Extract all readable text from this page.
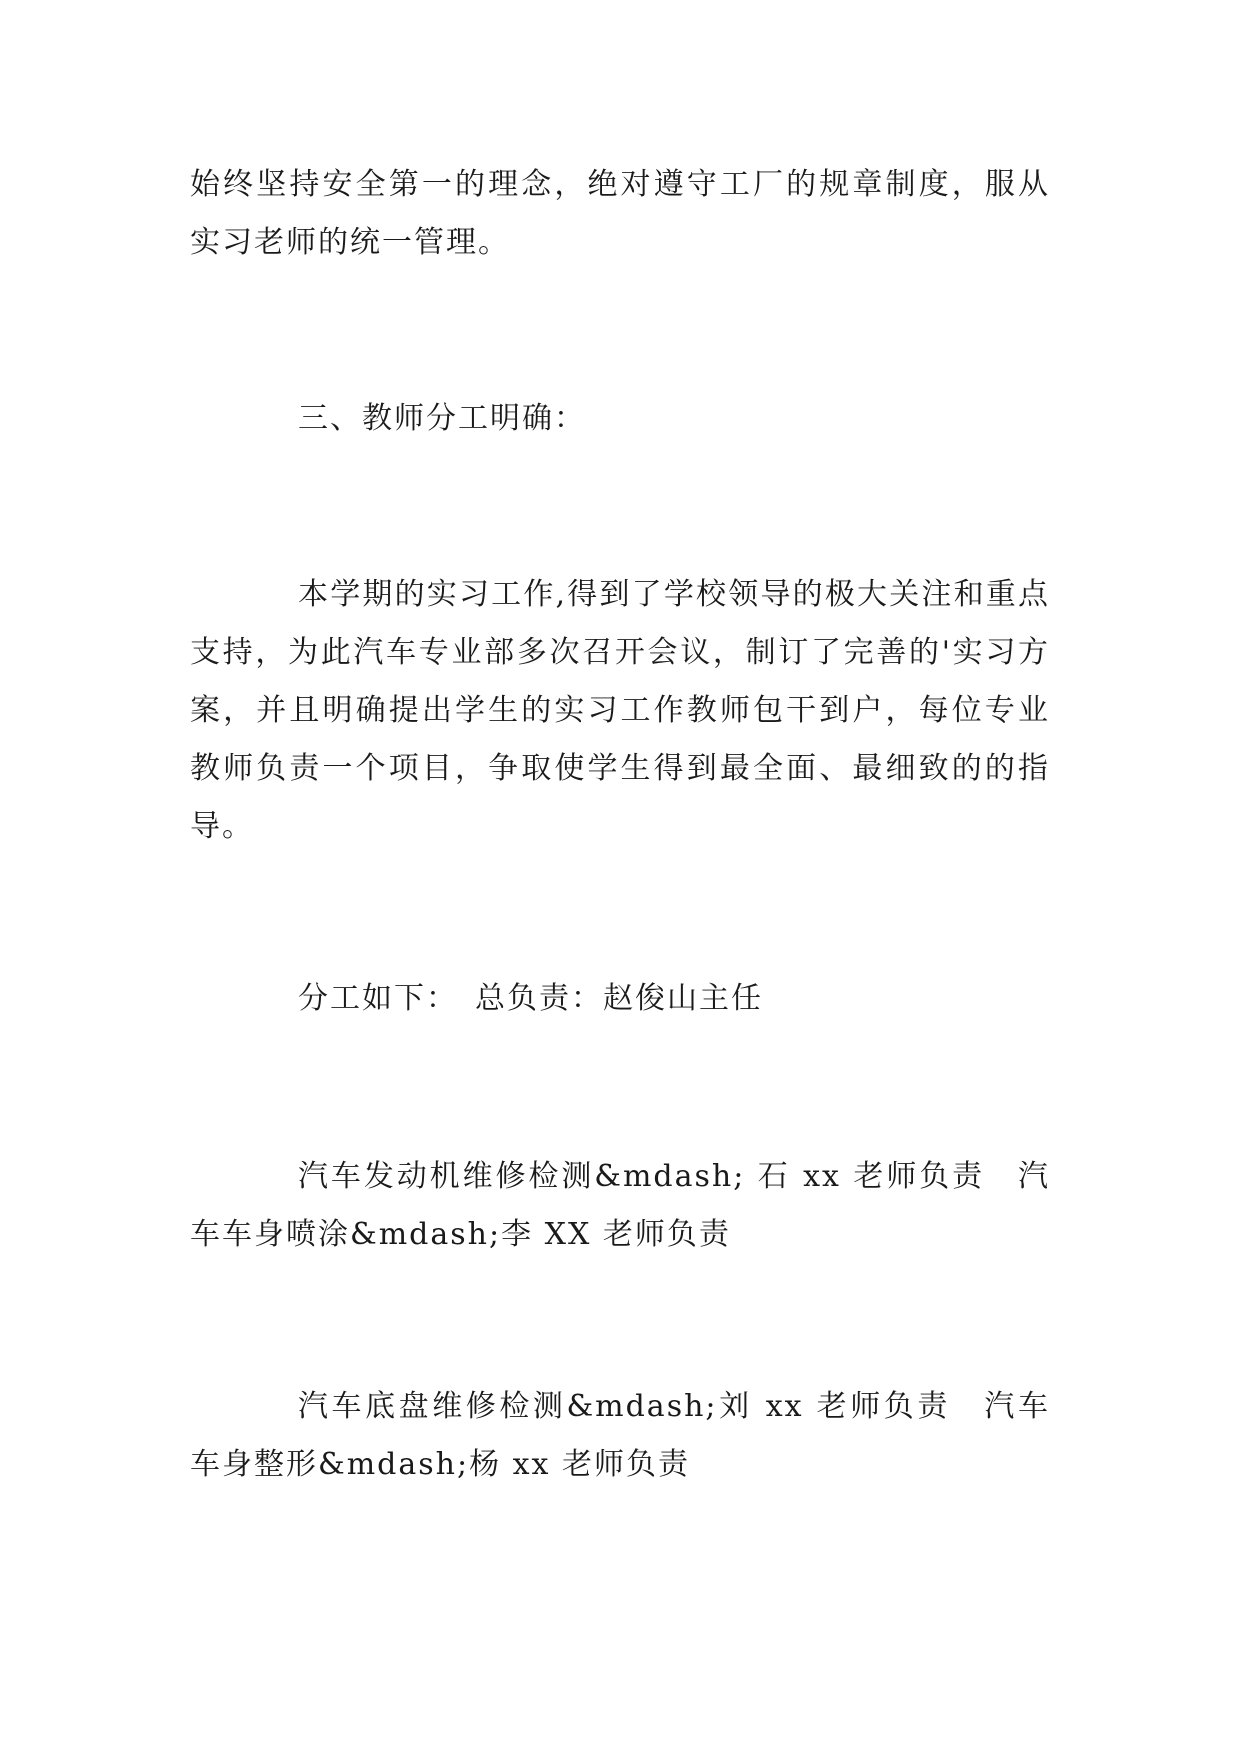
始终坚持安全第一的理念，绝对遵守工厂的规章制度，服从实习老师的统一管理。

三、教师分工明确：

本学期的实习工作,得到了学校领导的极大关注和重点支持，为此汽车专业部多次召开会议，制订了完善的'实习方案，并且明确提出学生的实习工作教师包干到户，每位专业教师负责一个项目，争取使学生得到最全面、最细致的的指导。

分工如下：　总负责：赵俊山主任

汽车发动机维修检测&mdash; 石 xx 老师负责　汽车车身喷涂&mdash;李 XX 老师负责

汽车底盘维修检测&mdash;刘 xx 老师负责　汽车车身整形&mdash;杨 xx 老师负责
